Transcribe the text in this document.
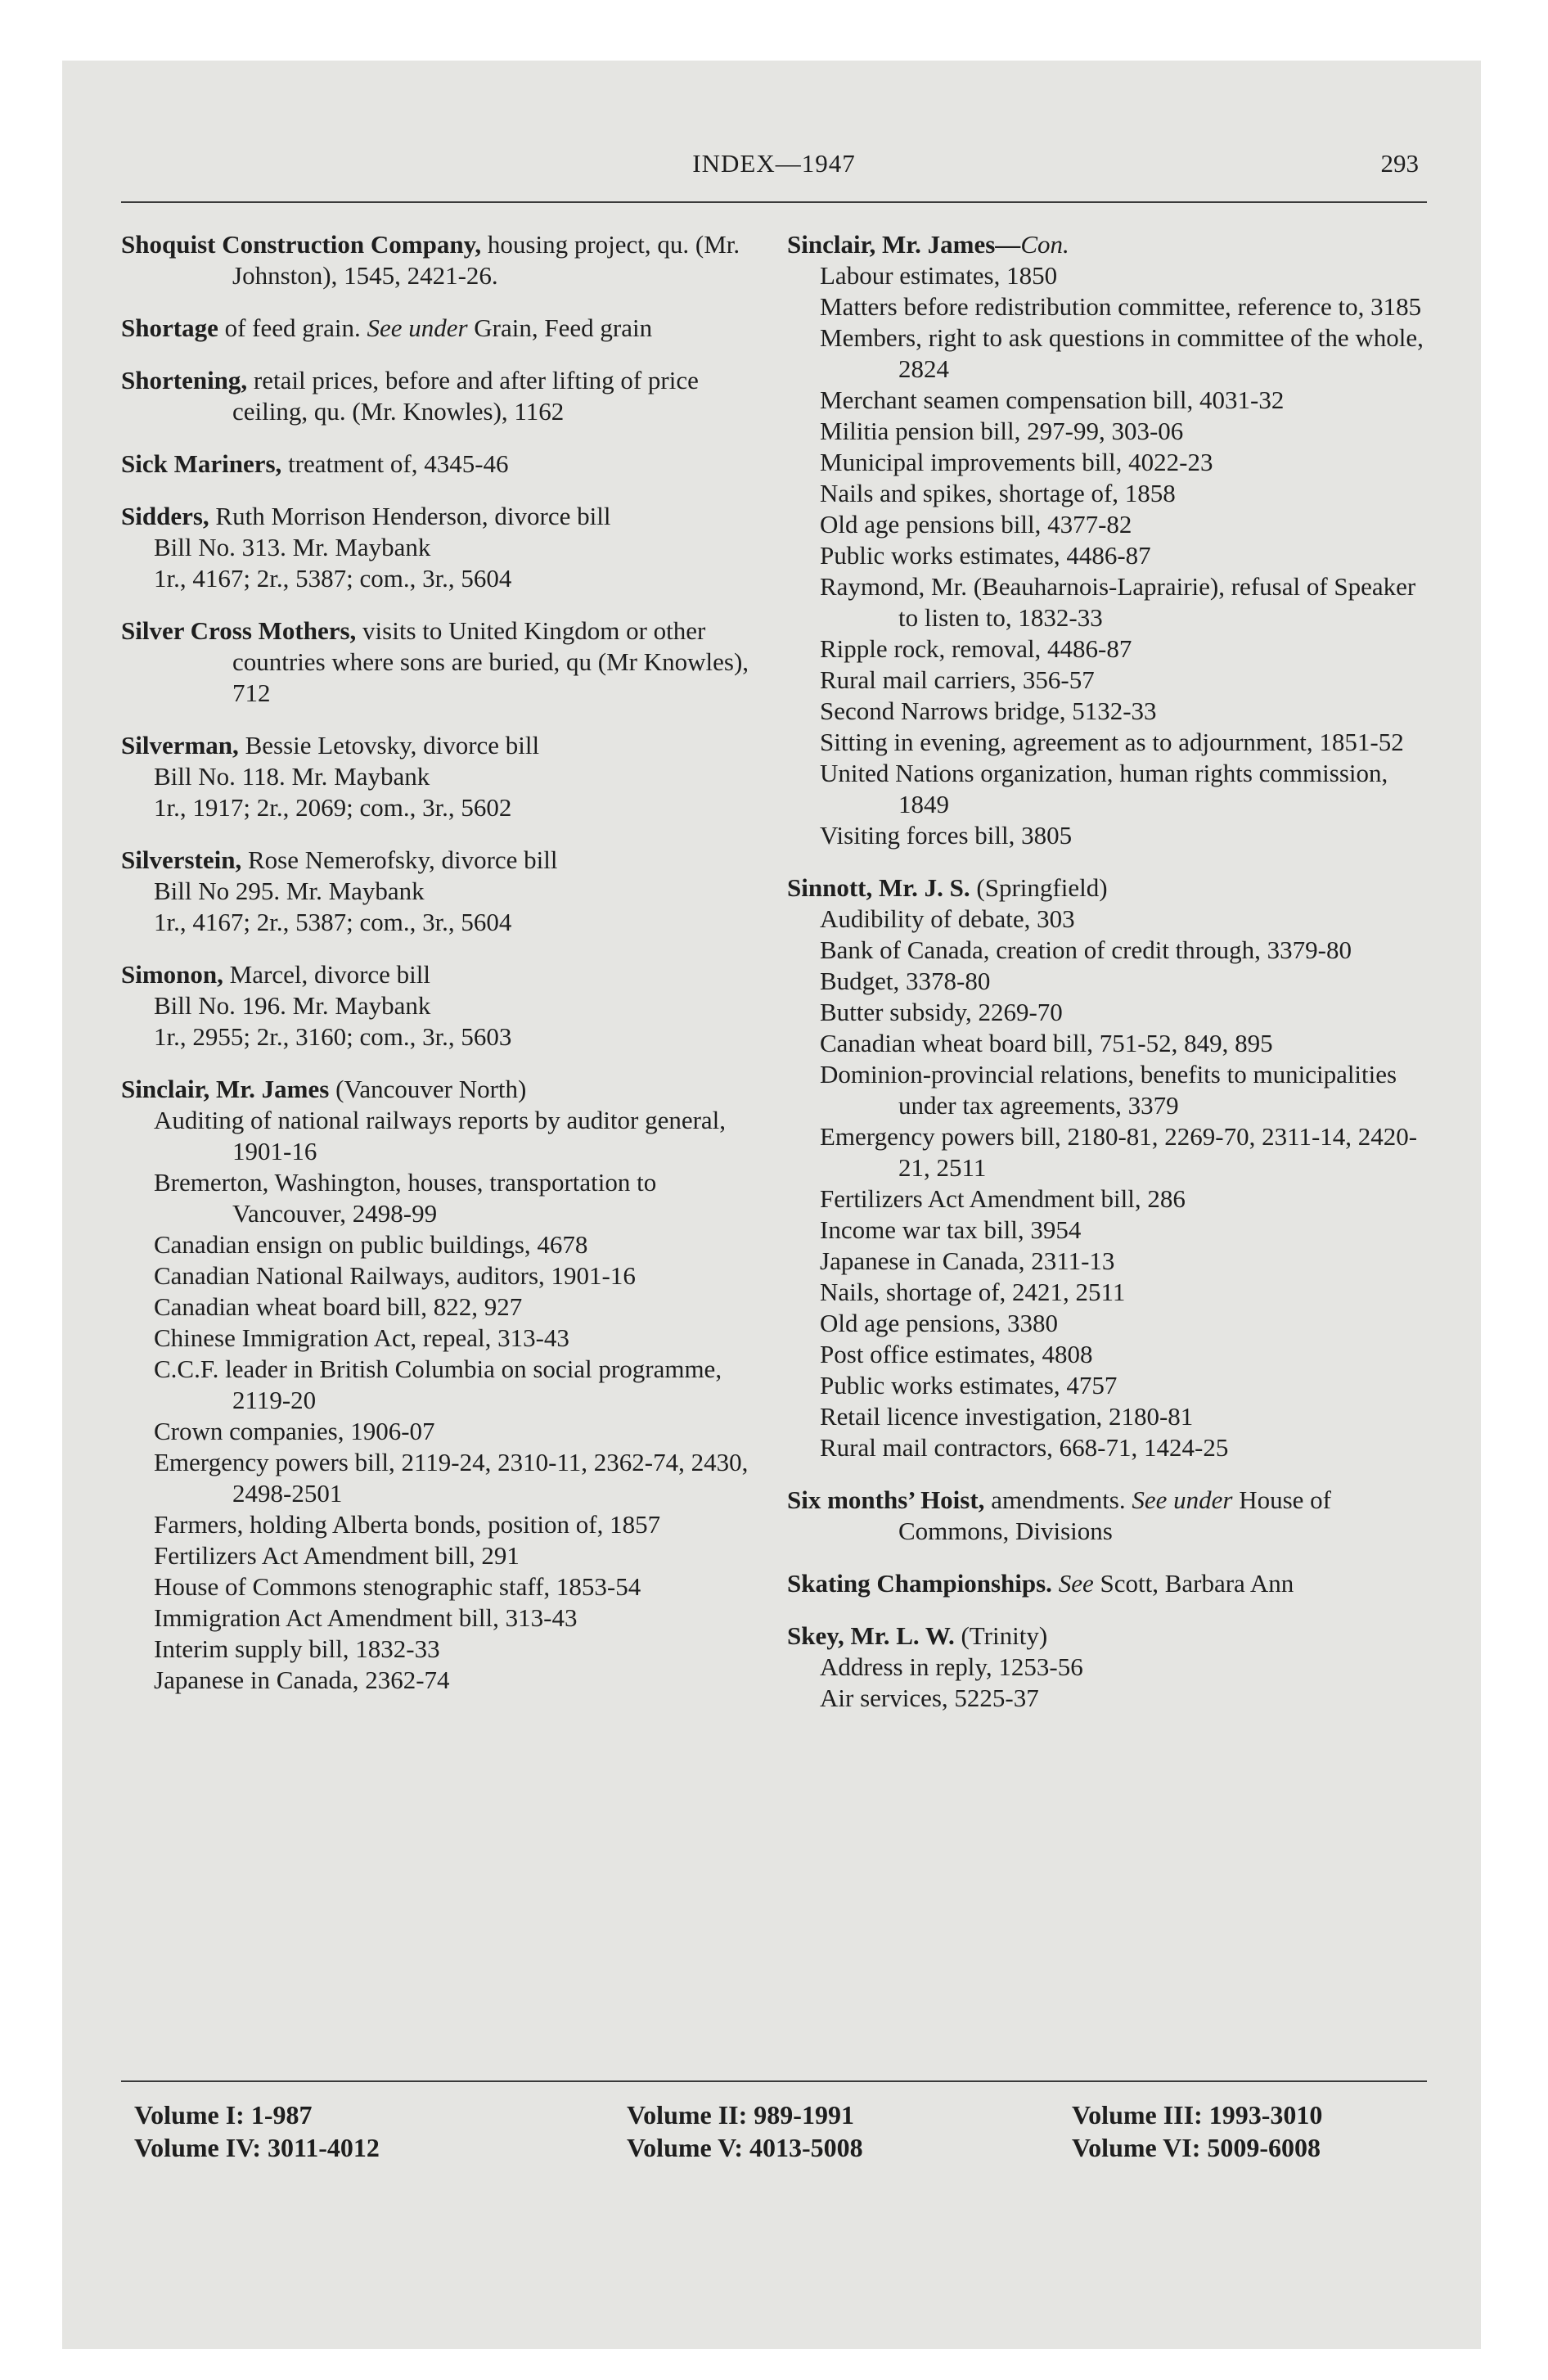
INDEX—1947	293
Shoquist Construction Company, housing project, qu. (Mr. Johnston), 1545, 2421-26.
Shortage of feed grain. See under Grain, Feed grain
Shortening, retail prices, before and after lifting of price ceiling, qu. (Mr. Knowles), 1162
Sick Mariners, treatment of, 4345-46
Sidders, Ruth Morrison Henderson, divorce bill
Bill No. 313. Mr. Maybank
1r., 4167; 2r., 5387; com., 3r., 5604
Silver Cross Mothers, visits to United Kingdom or other countries where sons are buried, qu (Mr Knowles), 712
Silverman, Bessie Letovsky, divorce bill
Bill No. 118. Mr. Maybank
1r., 1917; 2r., 2069; com., 3r., 5602
Silverstein, Rose Nemerofsky, divorce bill
Bill No 295. Mr. Maybank
1r., 4167; 2r., 5387; com., 3r., 5604
Simonon, Marcel, divorce bill
Bill No. 196. Mr. Maybank
1r., 2955; 2r., 3160; com., 3r., 5603
Sinclair, Mr. James (Vancouver North)
Auditing of national railways reports by auditor general, 1901-16
Bremerton, Washington, houses, transportation to Vancouver, 2498-99
Canadian ensign on public buildings, 4678
Canadian National Railways, auditors, 1901-16
Canadian wheat board bill, 822, 927
Chinese Immigration Act, repeal, 313-43
C.C.F. leader in British Columbia on social programme, 2119-20
Crown companies, 1906-07
Emergency powers bill, 2119-24, 2310-11, 2362-74, 2430, 2498-2501
Farmers, holding Alberta bonds, position of, 1857
Fertilizers Act Amendment bill, 291
House of Commons stenographic staff, 1853-54
Immigration Act Amendment bill, 313-43
Interim supply bill, 1832-33
Japanese in Canada, 2362-74
Sinclair, Mr. James—Con.
Labour estimates, 1850
Matters before redistribution committee, reference to, 3185
Members, right to ask questions in committee of the whole, 2824
Merchant seamen compensation bill, 4031-32
Militia pension bill, 297-99, 303-06
Municipal improvements bill, 4022-23
Nails and spikes, shortage of, 1858
Old age pensions bill, 4377-82
Public works estimates, 4486-87
Raymond, Mr. (Beauharnois-Laprairie), refusal of Speaker to listen to, 1832-33
Ripple rock, removal, 4486-87
Rural mail carriers, 356-57
Second Narrows bridge, 5132-33
Sitting in evening, agreement as to adjournment, 1851-52
United Nations organization, human rights commission, 1849
Visiting forces bill, 3805
Sinnott, Mr. J. S. (Springfield)
Audibility of debate, 303
Bank of Canada, creation of credit through, 3379-80
Budget, 3378-80
Butter subsidy, 2269-70
Canadian wheat board bill, 751-52, 849, 895
Dominion-provincial relations, benefits to municipalities under tax agreements, 3379
Emergency powers bill, 2180-81, 2269-70, 2311-14, 2420-21, 2511
Fertilizers Act Amendment bill, 286
Income war tax bill, 3954
Japanese in Canada, 2311-13
Nails, shortage of, 2421, 2511
Old age pensions, 3380
Post office estimates, 4808
Public works estimates, 4757
Retail licence investigation, 2180-81
Rural mail contractors, 668-71, 1424-25
Six months’ Hoist, amendments. See under House of Commons, Divisions
Skating Championships. See Scott, Barbara Ann
Skey, Mr. L. W. (Trinity)
Address in reply, 1253-56
Air services, 5225-37
Volume I: 1-987
Volume IV: 3011-4012
Volume II: 989-1991
Volume V: 4013-5008
Volume III: 1993-3010
Volume VI: 5009-6008
